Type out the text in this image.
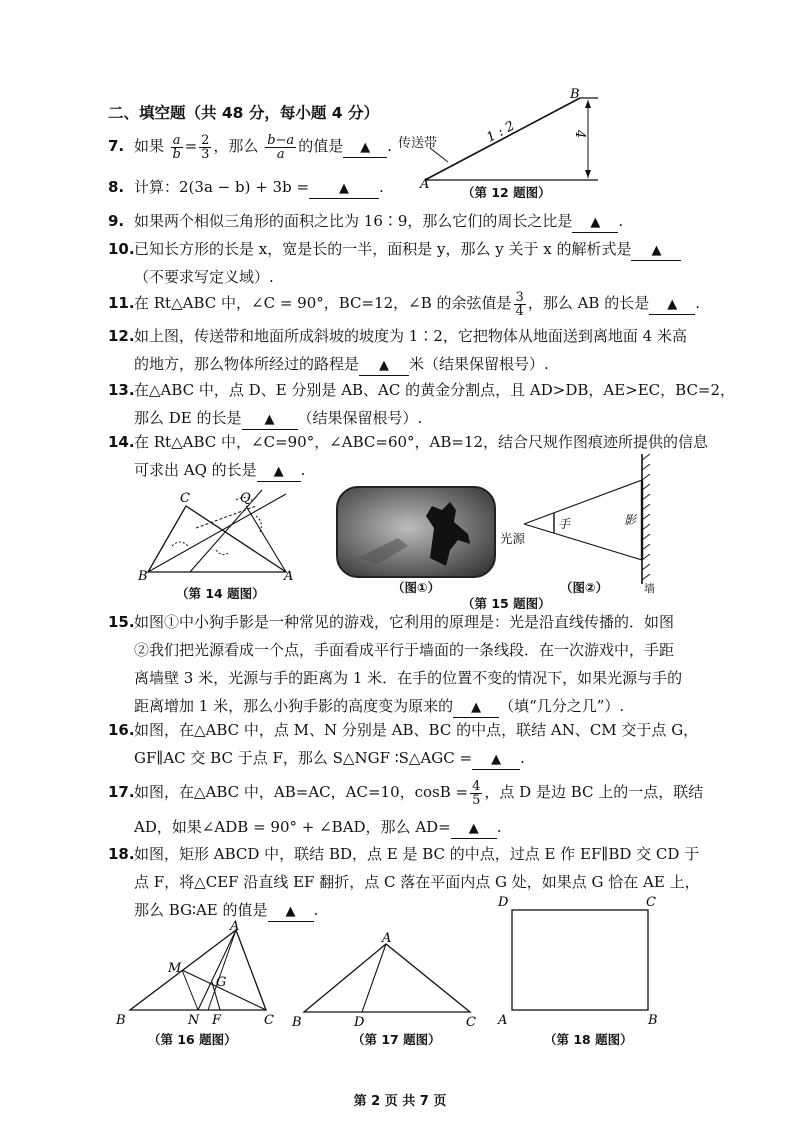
二、填空题（共 48 分，每小题 4 分）
7. 如果 $\frac{a}{b} = \frac{2}{3}$ ，那么 $\frac{b-a}{a}$ 的值是 ▲ .
8. 计算：2(3a − b) + 3b = ▲ .
9. 如果两个相似三角形的面积之比为 16∶9，那么它们的周长之比是 ▲ .
10.已知长方形的长是 x，宽是长的一半，面积是 y，那么 y 关于 x 的解析式是 ▲
（不要求写定义域）.
11.在 Rt△ABC 中，∠C = 90°，BC=12，∠B 的余弦值是 $\frac{3}{4}$ ，那么 AB 的长是 ▲ .
12.如上图，传送带和地面所成斜坡的坡度为 1∶2，它把物体从地面送到离地面 4 米高
的地方，那么物体所经过的路程是 ▲ 米（结果保留根号）.
13.在△ABC 中，点 D、E 分别是 AB、AC 的黄金分割点，且 AD>DB，AE>EC，BC=2，
那么 DE 的长是 ▲ （结果保留根号）.
14.在 Rt△ABC 中，∠C=90°，∠ABC=60°，AB=12，结合尺规作图痕迹所提供的信息
可求出 AQ 的长是 ▲ .
A
B
4
1 : 2
传送带
（第 12 题图）
B	A
C	Q
（第 14 题图）	（图①）
手	影
光源
墙
（图②）
（第 15 题图）
15.如图①中小狗手影是一种常见的游戏，它利用的原理是：光是沿直线传播的．如图
②我们把光源看成一个点，手面看成平行于墙面的一条线段．在一次游戏中，手距
离墙壁 3 米，光源与手的距离为 1 米．在手的位置不变的情况下，如果光源与手的
距离增加 1 米，那么小狗手影的高度变为原来的 ▲ （填“几分之几”）.
16.如图，在△ABC 中，点 M、N 分别是 AB、BC 的中点，联结 AN、CM 交于点 G，
GF∥AC 交 BC 于点 F，那么 S△NGF ∶S△AGC = ▲ .
17.如图，在△ABC 中，AB=AC，AC=10，$\cos B = \frac{4}{5}$ ，点 D 是边 BC 上的一点，联结
AD，如果∠ADB = 90° + ∠BAD，那么 AD= ▲ .
18.如图，矩形 ABCD 中，联结 BD，点 E 是 BC 的中点，过点 E 作 EF∥BD 交 CD 于
点 F，将△CEF 沿直线 EF 翻折，点 C 落在平面内点 G 处，如果点 G 恰在 AE 上，
那么 BG∶AE 的值是 ▲ .
B	C
A
M
N F
G
（第 16 题图）
B	C
A
D
（第 17 题图）
D	C
A	B
（第 18 题图）
第 2 页 共 7 页
